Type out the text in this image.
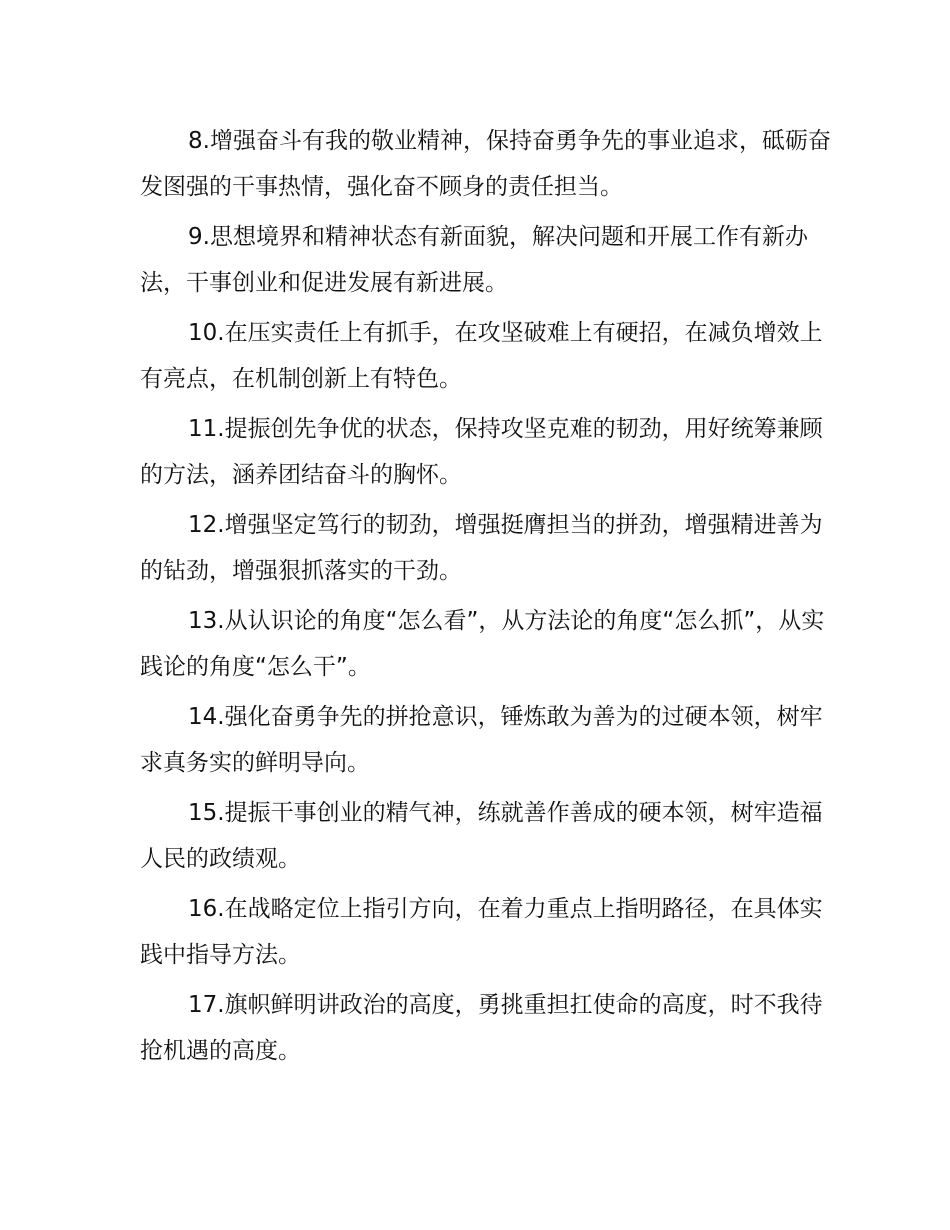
8.增强奋斗有我的敬业精神，保持奋勇争先的事业追求，砥砺奋发图强的干事热情，强化奋不顾身的责任担当。

9.思想境界和精神状态有新面貌，解决问题和开展工作有新办法，干事创业和促进发展有新进展。

10.在压实责任上有抓手，在攻坚破难上有硬招，在减负增效上有亮点，在机制创新上有特色。

11.提振创先争优的状态，保持攻坚克难的韧劲，用好统筹兼顾的方法，涵养团结奋斗的胸怀。

12.增强坚定笃行的韧劲，增强挺膺担当的拼劲，增强精进善为的钻劲，增强狠抓落实的干劲。

13.从认识论的角度“怎么看”，从方法论的角度“怎么抓”，从实践论的角度“怎么干”。

14.强化奋勇争先的拼抢意识，锤炼敢为善为的过硬本领，树牢求真务实的鲜明导向。

15.提振干事创业的精气神，练就善作善成的硬本领，树牢造福人民的政绩观。

16.在战略定位上指引方向，在着力重点上指明路径，在具体实践中指导方法。

17.旗帜鲜明讲政治的高度，勇挑重担扛使命的高度，时不我待抢机遇的高度。
